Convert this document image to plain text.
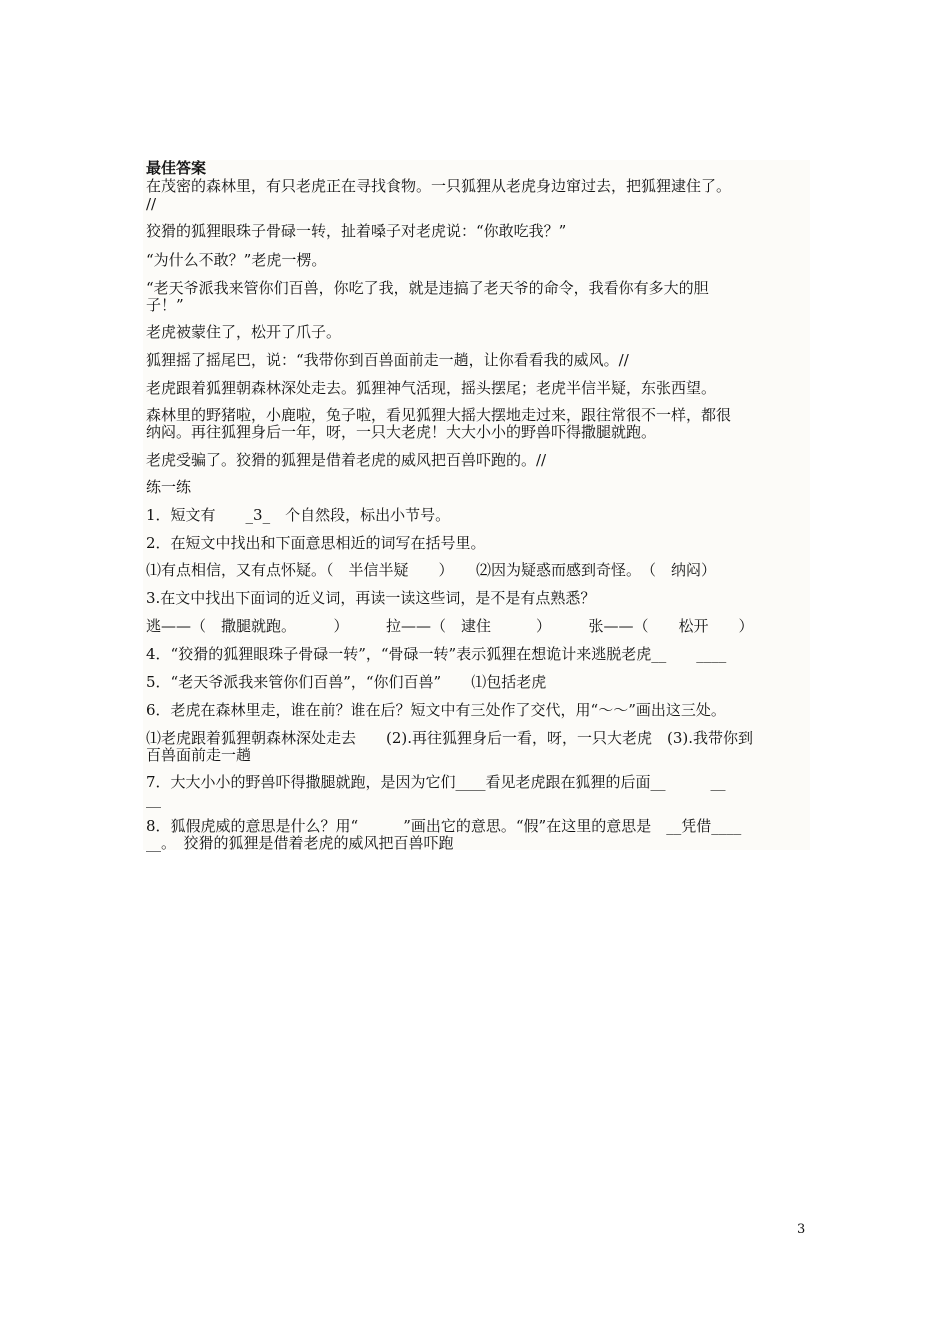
最佳答案
在茂密的森林里，有只老虎正在寻找食物。一只狐狸从老虎身边窜过去，把狐狸逮住了。
//
狡猾的狐狸眼珠子骨碌一转，扯着嗓子对老虎说：“你敢吃我？”
“为什么不敢？”老虎一楞。
“老天爷派我来管你们百兽，你吃了我，就是违搞了老天爷的命令，我看你有多大的胆
子！”
老虎被蒙住了，松开了爪子。
狐狸摇了摇尾巴，说：“我带你到百兽面前走一趟，让你看看我的威风。//
老虎跟着狐狸朝森林深处走去。狐狸神气活现，摇头摆尾；老虎半信半疑，东张西望。
森林里的野猪啦，小鹿啦，兔子啦，看见狐狸大摇大摆地走过来，跟往常很不一样，都很
纳闷。再往狐狸身后一年，呀，一只大老虎！大大小小的野兽吓得撒腿就跑。
老虎受骗了。狡猾的狐狸是借着老虎的威风把百兽吓跑的。//
练一练
1．短文有　　_3_　个自然段，标出小节号。
2．在短文中找出和下面意思相近的词写在括号里。
⑴有点相信，又有点怀疑。（　半信半疑　　）　　⑵因为疑惑而感到奇怪。　（　纳闷）
3.在文中找出下面词的近义词，再读一读这些词，是不是有点熟悉？
逃——（　撒腿就跑。　　　）　　　拉——（　逮住　　　）　　　张——（　　松开　　）
4．“狡猾的狐狸眼珠子骨碌一转”，“骨碌一转”表示狐狸在想诡计来逃脱老虎__　　____
5．“老天爷派我来管你们百兽”，“你们百兽”　　⑴包括老虎
6．老虎在森林里走，谁在前？谁在后？短文中有三处作了交代，用“～～”画出这三处。
⑴老虎跟着狐狸朝森林深处走去　　(2).再往狐狸身后一看，呀，一只大老虎　(3).我带你到
百兽面前走一趟
7．大大小小的野兽吓得撒腿就跑，是因为它们____看见老虎跟在狐狸的后面__　　　__
__
8．狐假虎威的意思是什么？用“　　　”画出它的意思。“假”在这里的意思是　__凭借____
__。　狡猾的狐狸是借着老虎的威风把百兽吓跑
3
